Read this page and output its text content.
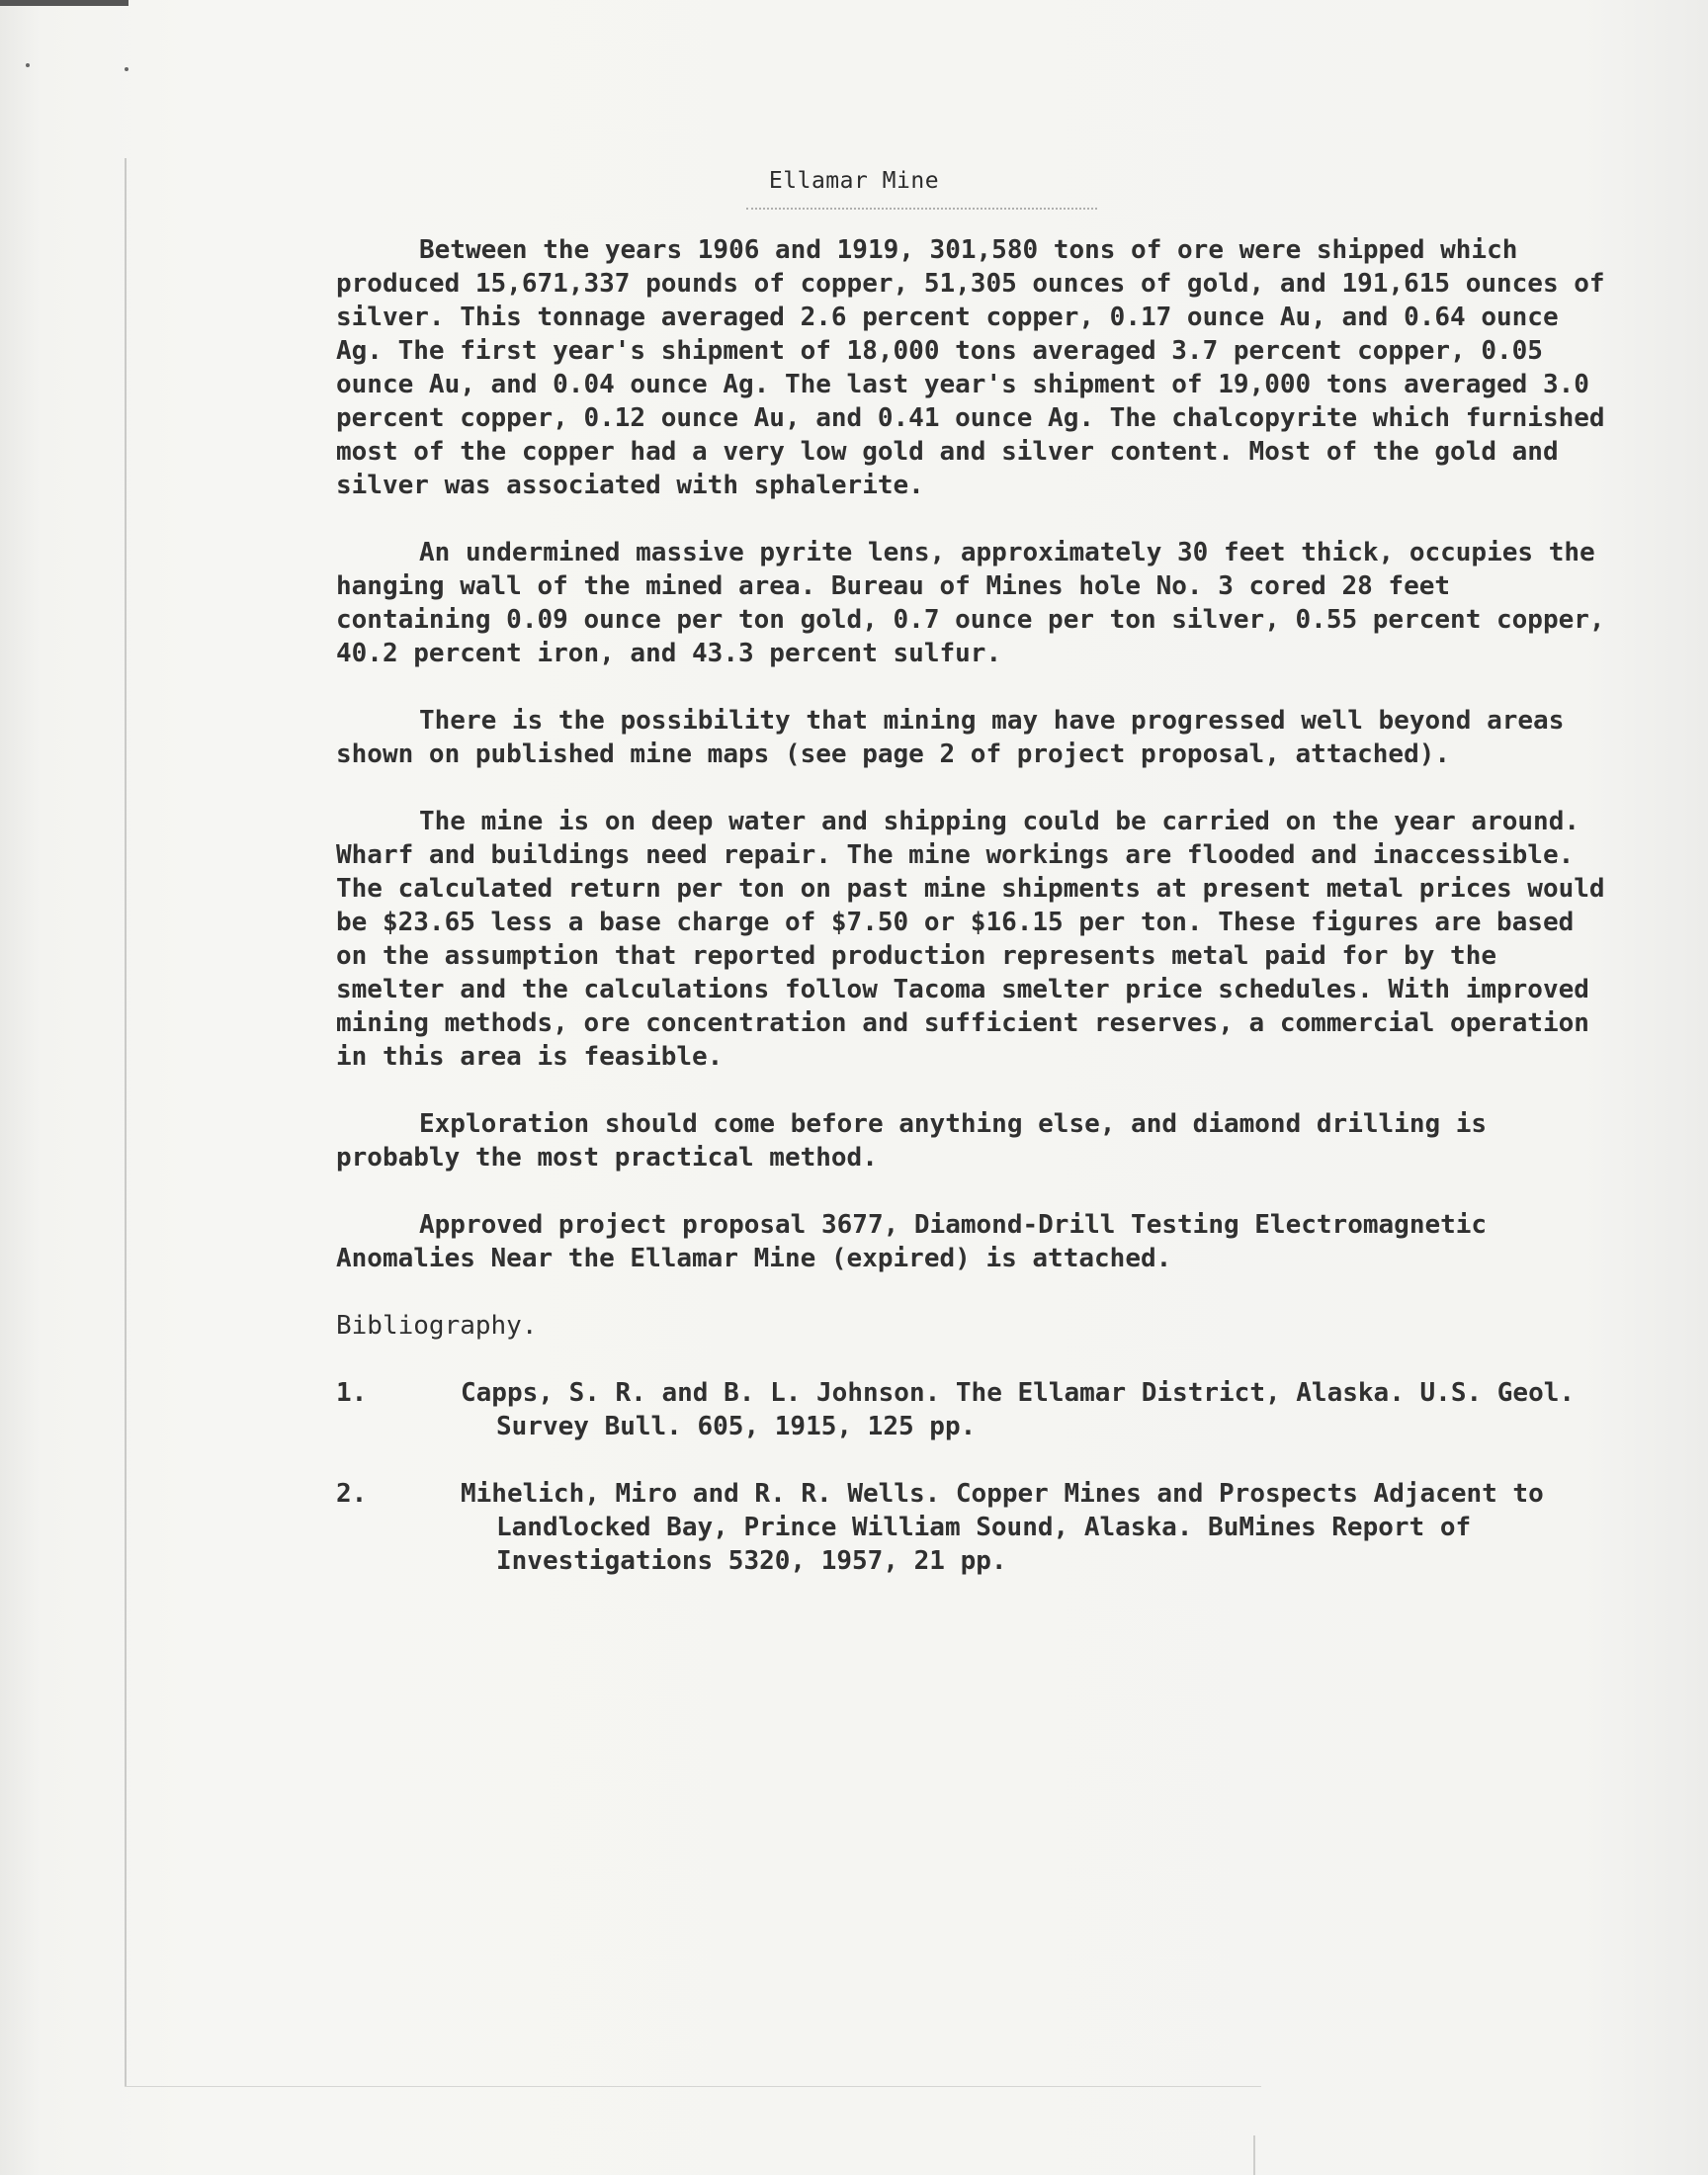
Ellamar Mine

Between the years 1906 and 1919, 301,580 tons of ore were shipped which produced 15,671,337 pounds of copper, 51,305 ounces of gold, and 191,615 ounces of silver. This tonnage averaged 2.6 percent copper, 0.17 ounce Au, and 0.64 ounce Ag. The first year's shipment of 18,000 tons averaged 3.7 percent copper, 0.05 ounce Au, and 0.04 ounce Ag. The last year's shipment of 19,000 tons averaged 3.0 percent copper, 0.12 ounce Au, and 0.41 ounce Ag. The chalcopyrite which furnished most of the copper had a very low gold and silver content. Most of the gold and silver was associated with sphalerite.

An undermined massive pyrite lens, approximately 30 feet thick, occupies the hanging wall of the mined area. Bureau of Mines hole No. 3 cored 28 feet containing 0.09 ounce per ton gold, 0.7 ounce per ton silver, 0.55 percent copper, 40.2 percent iron, and 43.3 percent sulfur.

There is the possibility that mining may have progressed well beyond areas shown on published mine maps (see page 2 of project proposal, attached).

The mine is on deep water and shipping could be carried on the year around. Wharf and buildings need repair. The mine workings are flooded and inaccessible. The calculated return per ton on past mine shipments at present metal prices would be $23.65 less a base charge of $7.50 or $16.15 per ton. These figures are based on the assumption that reported production represents metal paid for by the smelter and the calculations follow Tacoma smelter price schedules. With improved mining methods, ore concentration and sufficient reserves, a commercial operation in this area is feasible.

Exploration should come before anything else, and diamond drilling is probably the most practical method.

Approved project proposal 3677, Diamond-Drill Testing Electromagnetic Anomalies Near the Ellamar Mine (expired) is attached.

Bibliography.

1.	Capps, S. R. and B. L. Johnson. The Ellamar District, Alaska. U.S. Geol. Survey Bull. 605, 1915, 125 pp.
2.	Mihelich, Miro and R. R. Wells. Copper Mines and Prospects Adjacent to Landlocked Bay, Prince William Sound, Alaska. BuMines Report of Investigations 5320, 1957, 21 pp.
